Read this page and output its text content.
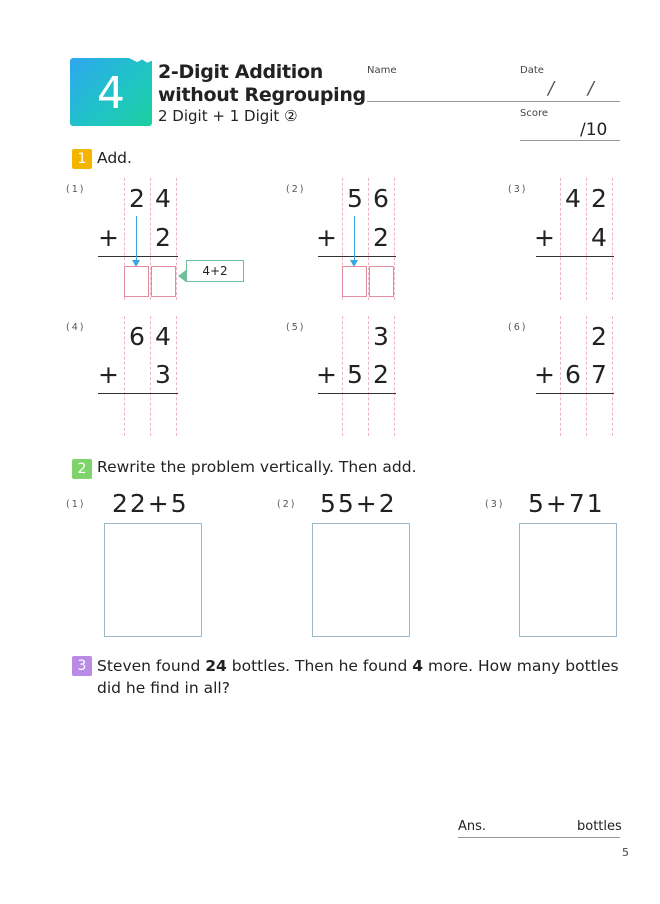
4	2-Digit Addition
without Regrouping
2 Digit + 1 Digit ②
Name	Date
/ /
Score
/10
1 Add.
(1) 2 4
+ 2
4+2
(2) 5 6
+ 2
(3) 4 2
+ 4
(4) 6 4
+ 3
(5)	3
+ 5 2
(6)	2
+ 6 7
2 Rewrite the problem vertically. Then add.
(1) 22+5	(2) 55+2	(3) 5+71
3 Steven found 24 bottles. Then he found 4 more. How many bottles did he find in all?
Ans.	bottles
5
